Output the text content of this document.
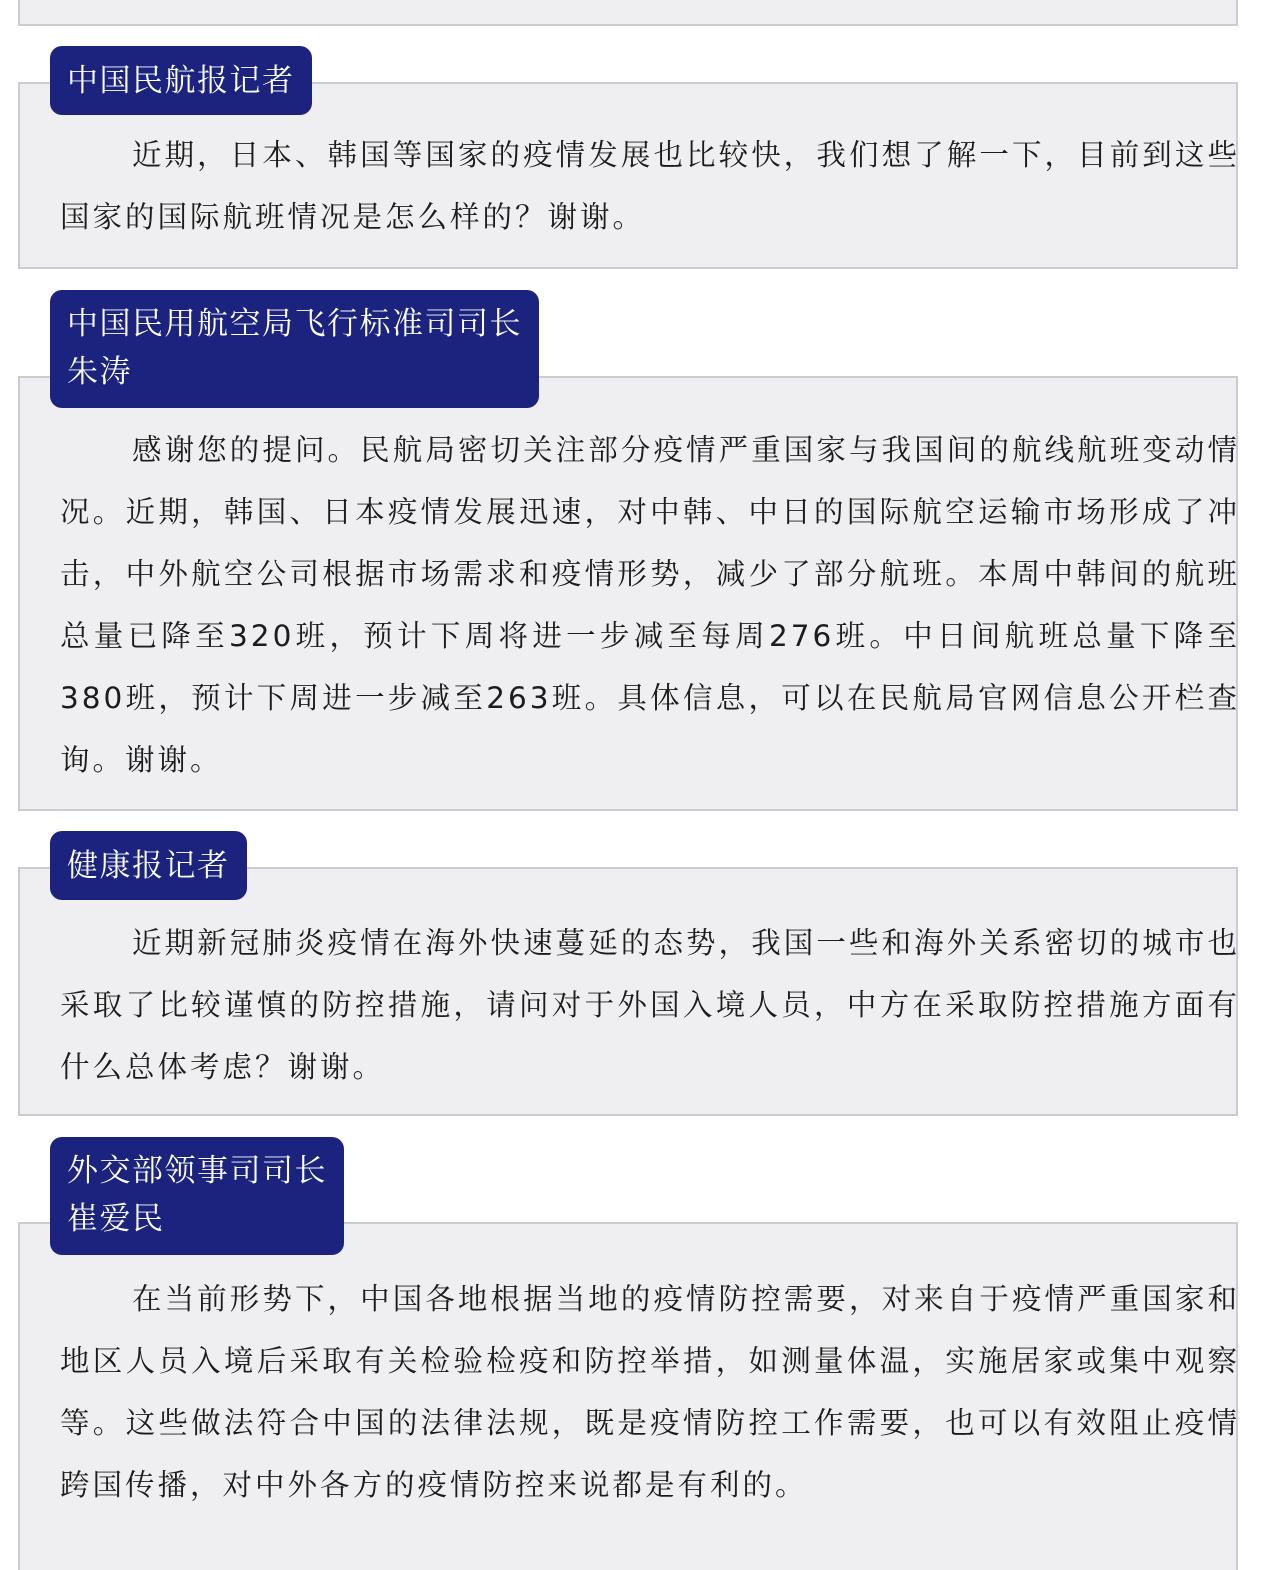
近期，日本、韩国等国家的疫情发展也比较快，我们想了解一下，目前到这些国家的国际航班情况是怎么样的？谢谢。

中国民航报记者

感谢您的提问。民航局密切关注部分疫情严重国家与我国间的航线航班变动情况。近期，韩国、日本疫情发展迅速，对中韩、中日的国际航空运输市场形成了冲击，中外航空公司根据市场需求和疫情形势，减少了部分航班。本周中韩间的航班总量已降至320班，预计下周将进一步减至每周276班。中日间航班总量下降至380班，预计下周进一步减至263班。具体信息，可以在民航局官网信息公开栏查询。谢谢。

中国民用航空局飞行标准司司长
朱涛

近期新冠肺炎疫情在海外快速蔓延的态势，我国一些和海外关系密切的城市也采取了比较谨慎的防控措施，请问对于外国入境人员，中方在采取防控措施方面有什么总体考虑？谢谢。

健康报记者

在当前形势下，中国各地根据当地的疫情防控需要，对来自于疫情严重国家和地区人员入境后采取有关检验检疫和防控举措，如测量体温，实施居家或集中观察等。这些做法符合中国的法律法规，既是疫情防控工作需要，也可以有效阻止疫情跨国传播，对中外各方的疫情防控来说都是有利的。

外交部领事司司长
崔爱民
